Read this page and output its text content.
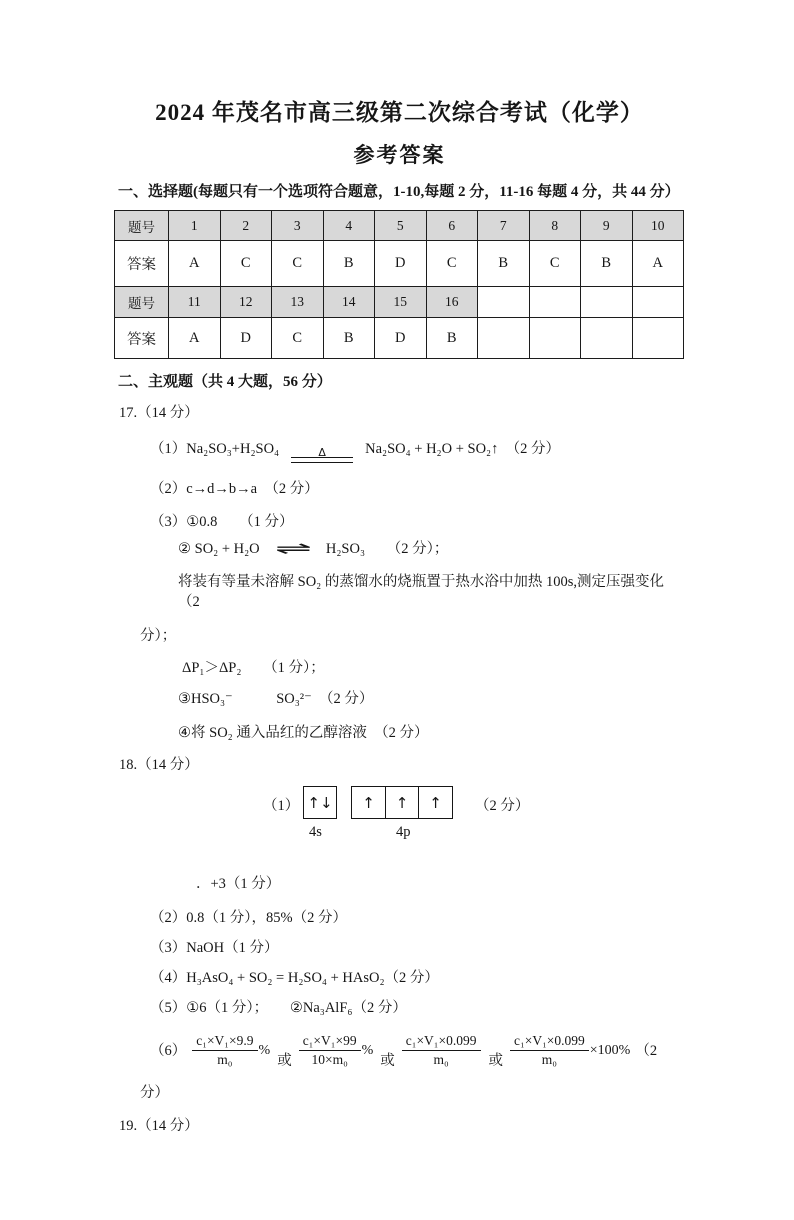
2024 年茂名市高三级第二次综合考试（化学）
参考答案

一、选择题(每题只有一个选项符合题意，1-10,每题 2 分，11-16 每题 4 分，共 44 分）

题号	1	2	3	4	5	6	7	8	9	10
答案	A	C	C	B	D	C	B	C	B	A
题号	11	12	13	14	15	16				
答案	A	D	C	B	D	B				

二、主观题（共 4 大题，56 分）

17.（14 分）

（1）Na₂SO₃+H₂SO₄	Δ	Na₂SO₄ + H₂O + SO₂↑　（2 分）

（2）c→d→b→a　（2 分）

（3）①0.8　　（1 分）

② SO₂ + H₂O ⇌ H₂SO₃　　（2 分）；

将装有等量未溶解 SO₂ 的蒸馏水的烧瓶置于热水浴中加热 100s,测定压强变化　（2

分）；

ΔP₁＞ΔP₂　　（1 分）；

③HSO₃⁻　　　SO₃²⁻　（2 分）

④将 SO₂ 通入品红的乙醇溶液　（2 分）

18.（14 分）

（1） ↑↓	↑	↑	↑	（2 分）
4s	4p

．+3（1 分）

（2）0.8（1 分），85%（2 分）

（3）NaOH（1 分）

（4）H₃AsO₄ + SO₂ = H₂SO₄ + HAsO₂（2 分）

（5）①6（1 分）；　　②Na₃AlF₆（2 分）

$(6) \frac{\text{c₁×V₁×9.9}}{\text{m₀}}$ %
或 $\frac{\text{c₁×V₁×99}}{\text{10×m₀}}$ %
或 $\frac{\text{c₁×V₁×0.099}}{\text{m₀}}$ 或 $\frac{\text{c₁×V₁×0.099}}{\text{m₀}} \times 100\%$ （2

分）

19.（14 分）
